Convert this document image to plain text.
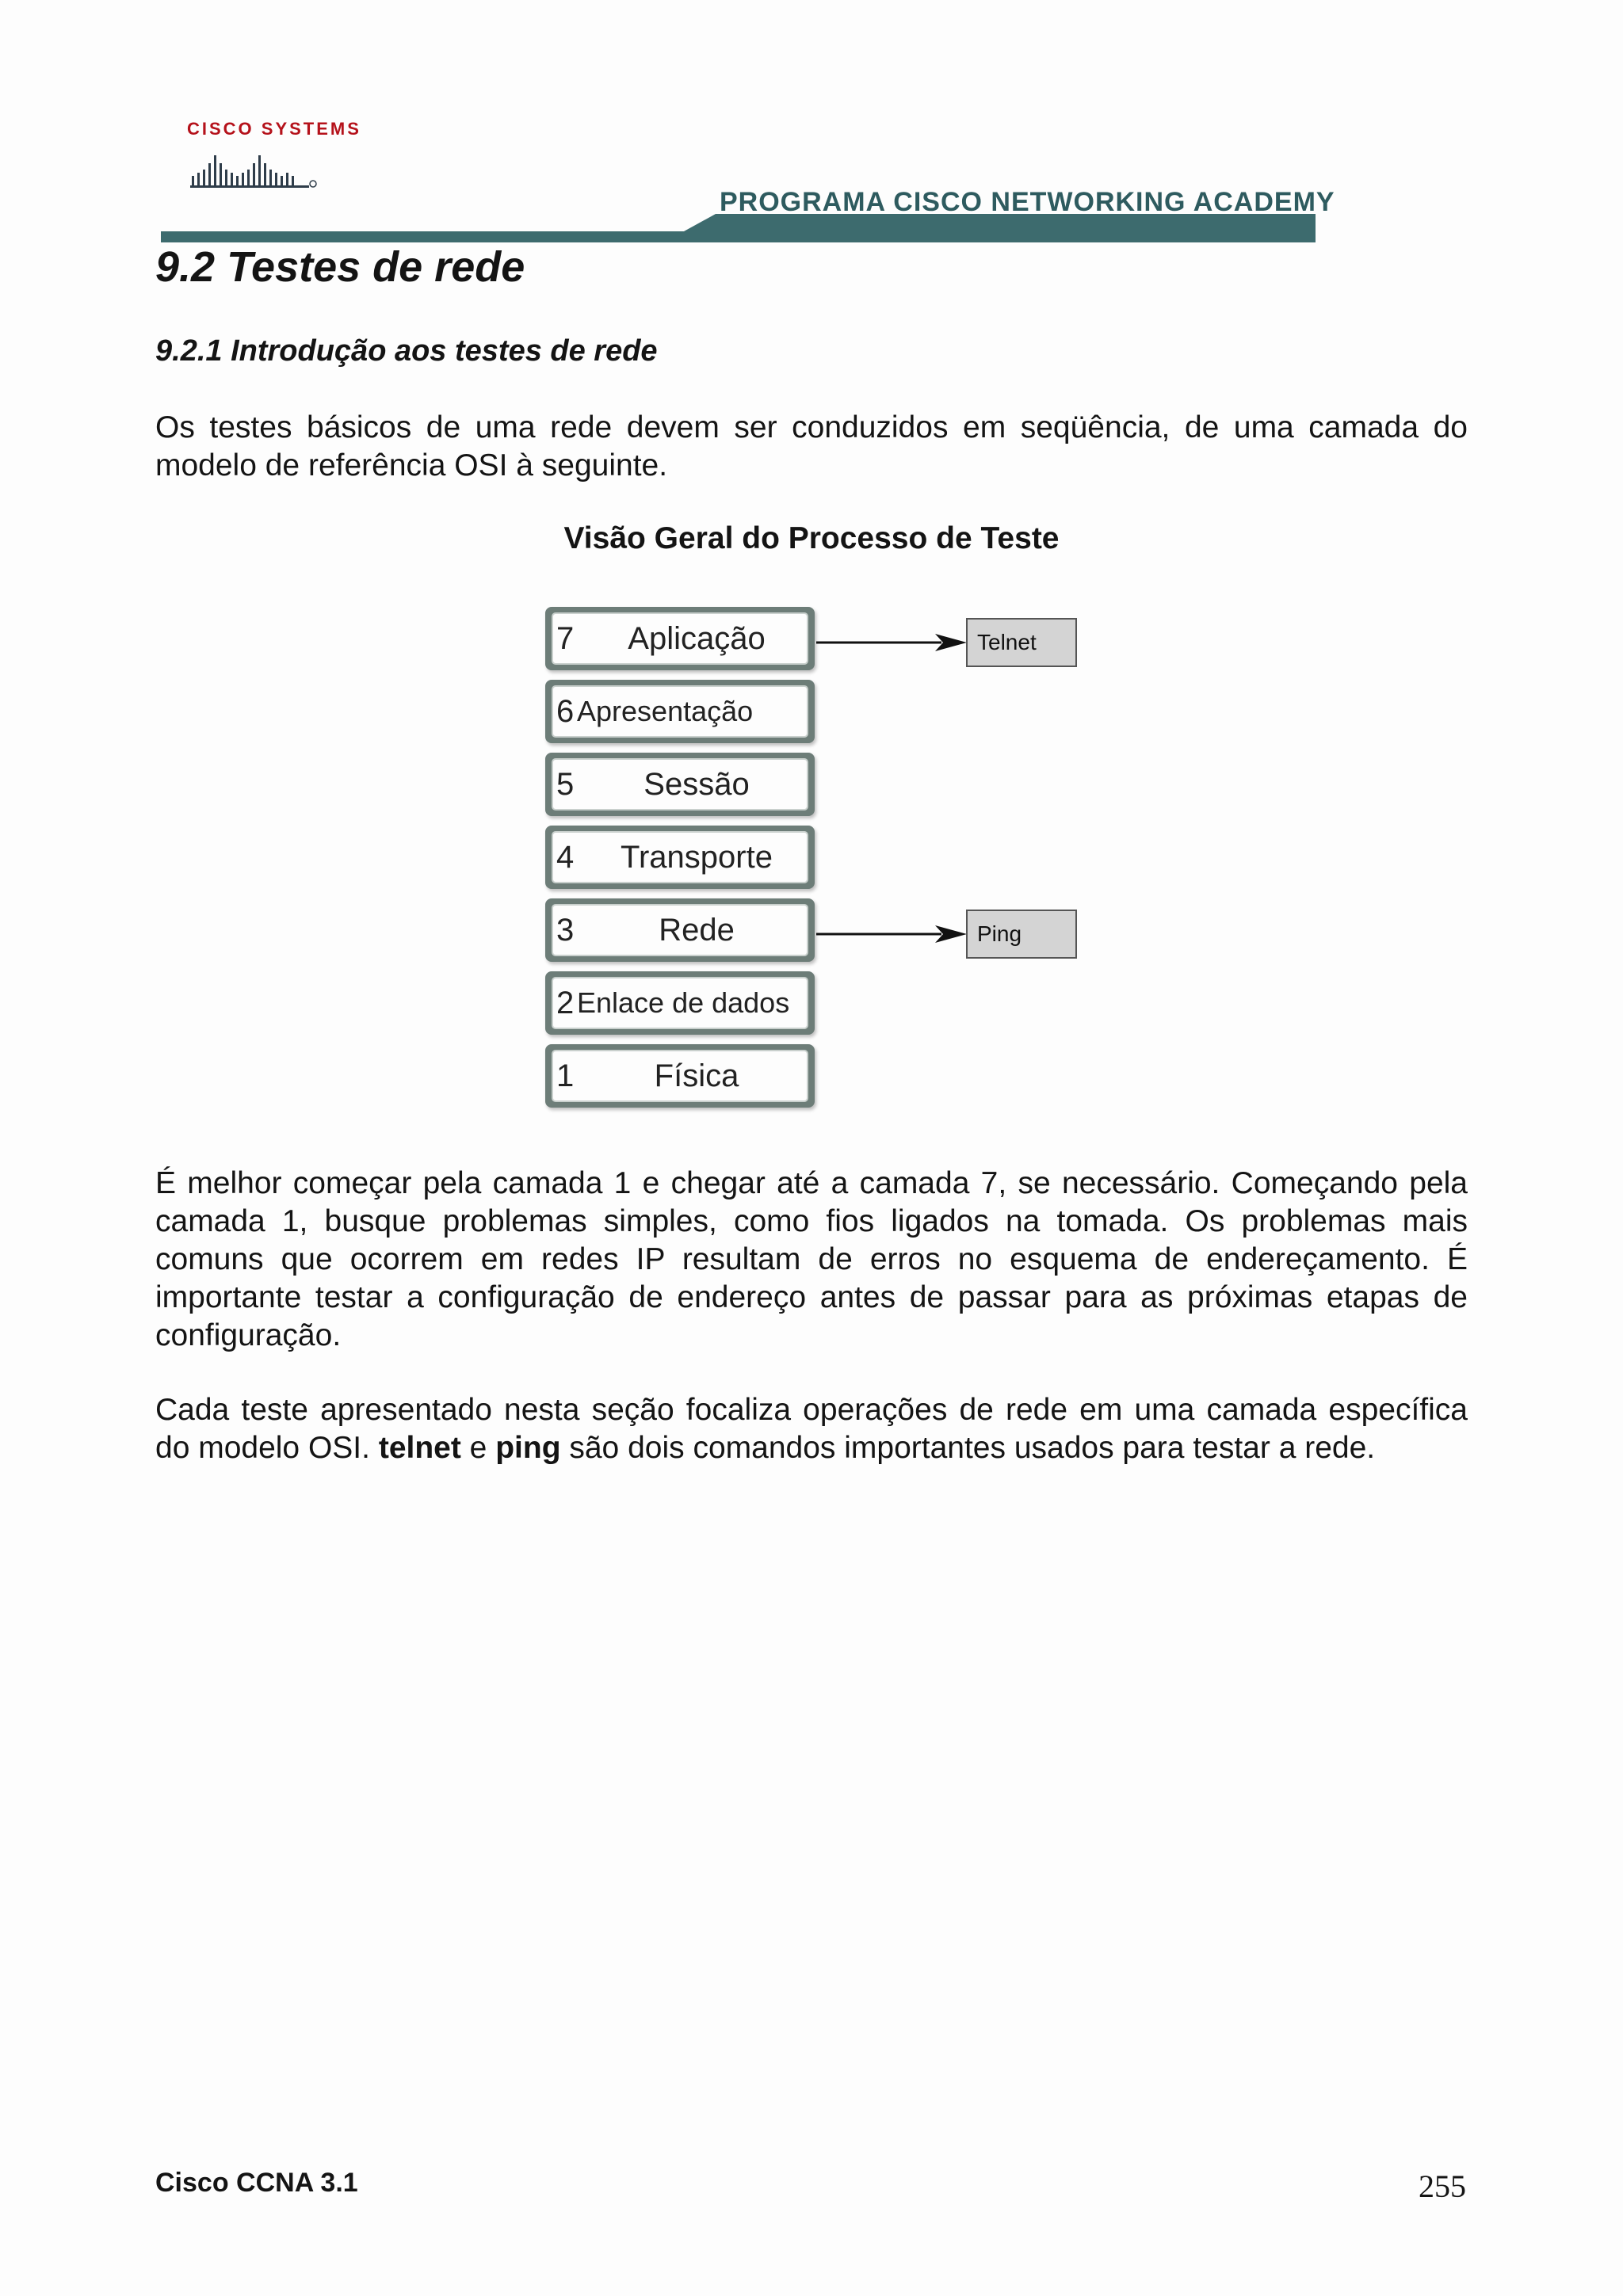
CISCO SYSTEMS
PROGRAMA CISCO NETWORKING ACADEMY
9.2 Testes de rede
9.2.1 Introdução aos testes de rede

Os testes básicos de uma rede devem ser conduzidos em seqüência, de uma camada do modelo de referência OSI à seguinte.

Visão Geral do Processo de Teste
7	Aplicação
6 Apresentação
5	Sessão
4	Transporte
3	Rede
2 Enlace de dados
1	Física
Telnet
Ping

É melhor começar pela camada 1 e chegar até a camada 7, se necessário. Começando pela camada 1, busque problemas simples, como fios ligados na tomada. Os problemas mais comuns que ocorrem em redes IP resultam de erros no esquema de endereçamento. É importante testar a configuração de endereço antes de passar para as próximas etapas de configuração.

Cada teste apresentado nesta seção focaliza operações de rede em uma camada específica do modelo OSI. telnet e ping são dois comandos importantes usados para testar a rede.

Cisco CCNA 3.1	255
